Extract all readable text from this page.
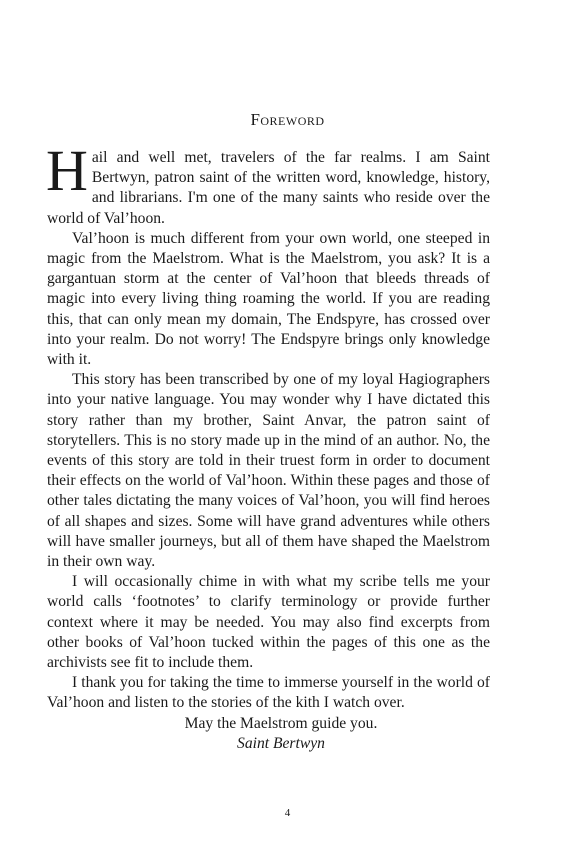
Foreword

Hail and well met, travelers of the far realms. I am Saint Bertwyn, patron saint of the written word, knowledge, history, and librarians. I'm one of the many saints who reside over the world of Val’hoon.

Val’hoon is much different from your own world, one steeped in magic from the Maelstrom. What is the Maelstrom, you ask? It is a gargantuan storm at the center of Val’hoon that bleeds threads of magic into every living thing roaming the world. If you are reading this, that can only mean my domain, The Endspyre, has crossed over into your realm. Do not worry! The Endspyre brings only knowledge with it.

This story has been transcribed by one of my loyal Hagiographers into your native language. You may wonder why I have dictated this story rather than my brother, Saint Anvar, the patron saint of storytellers. This is no story made up in the mind of an author. No, the events of this story are told in their truest form in order to document their effects on the world of Val’hoon. Within these pages and those of other tales dictating the many voices of Val’hoon, you will find heroes of all shapes and sizes. Some will have grand adventures while others will have smaller journeys, but all of them have shaped the Maelstrom in their own way.

I will occasionally chime in with what my scribe tells me your world calls ‘footnotes’ to clarify terminology or provide further context where it may be needed. You may also find excerpts from other books of Val’hoon tucked within the pages of this one as the archivists see fit to include them.

I thank you for taking the time to immerse yourself in the world of Val’hoon and listen to the stories of the kith I watch over.

May the Maelstrom guide you.

Saint Bertwyn

4
